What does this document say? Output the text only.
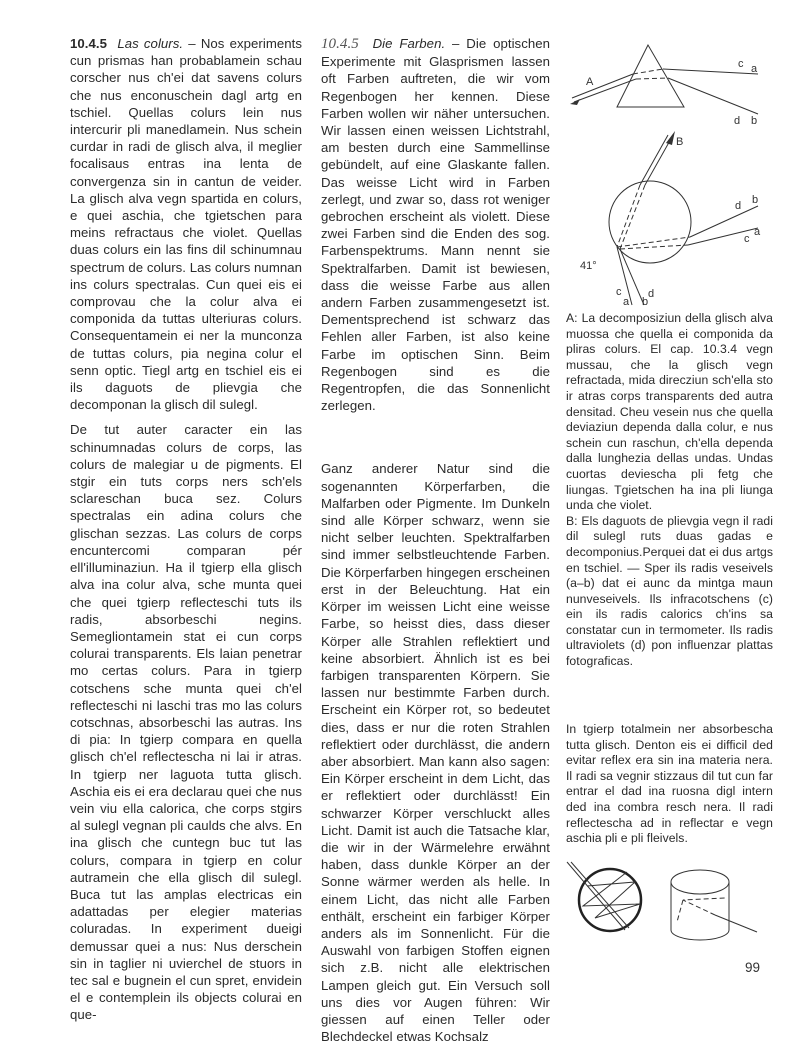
10.4.5 Las colurs. – Nos experiments cun prismas han probablamein schau corscher nus ch'ei dat savens colurs che nus enconuschein dagl artg en tschiel. Quellas colurs lein nus intercurir pli manedlamein. Nus schein curdar in radi de glisch alva, il meglier focalisaus entras ina lenta de convergenza sin in cantun de veider. La glisch alva vegn spartida en colurs, e quei aschia, che tgietschen para meins refractaus che violet. Quellas duas colurs ein las fins dil schinumnau spectrum de colurs. Las colurs numnan ins colurs spectralas. Cun quei eis ei comprovau che la colur alva ei componida da tuttas ulteriuras colurs. Consequentamein ei ner la munconza de tuttas colurs, pia negina colur el senn optic. Tiegl artg en tschiel eis ei ils daguots de plievgia che decomponan la glisch dil sulegl.

De tut auter caracter ein las schinumnadas colurs de corps, las colurs de malegiar u de pigments. El stgir ein tuts corps ners sch'els sclareschan buca sez. Colurs spectralas ein adina colurs che glischan sezzas. Las colurs de corps encuntercomi comparan pér ell'illuminaziun. Ha il tgierp ella glisch alva ina colur alva, sche munta quei che quei tgierp reflecteschi tuts ils radis, absorbeschi negins. Semegliontamein stat ei cun corps colurai transparents. Els laian penetrar mo certas colurs. Para in tgierp cotschens sche munta quei ch'el reflecteschi ni laschi tras mo las colurs cotschnas, absorbeschi las autras. Ins di pia: In tgierp compara en quella glisch ch'el reflectescha ni lai ir atras. In tgierp ner laguota tutta glisch. Aschia eis ei era declarau quei che nus vein viu ella calorica, che corps stgirs al sulegl vegnan pli caulds che alvs. En ina glisch che cuntegn buc tut las colurs, compara in tgierp en colur autramein che ella glisch dil sulegl. Buca tut las amplas electricas ein adattadas per elegier materias coluradas. In experiment dueigi demussar quei a nus: Nus derschein sin in taglier ni uvierchel de stuors in tec sal e bugnein el cun spret, envidein el e contemplein ils objects colurai en que-

10.4.5 Die Farben. – Die optischen Experimente mit Glasprismen lassen oft Farben auftreten, die wir vom Regenbogen her kennen. Diese Farben wollen wir näher untersuchen. Wir lassen einen weissen Lichtstrahl, am besten durch eine Sammellinse gebündelt, auf eine Glaskante fallen. Das weisse Licht wird in Farben zerlegt, und zwar so, dass rot weniger gebrochen erscheint als violett. Diese zwei Farben sind die Enden des sog. Farbenspektrums. Mann nennt sie Spektralfarben. Damit ist bewiesen, dass die weisse Farbe aus allen andern Farben zusammengesetzt ist. Dementsprechend ist schwarz das Fehlen aller Farben, ist also keine Farbe im optischen Sinn. Beim Regenbogen sind es die Regentropfen, die das Sonnenlicht zerlegen.

Ganz anderer Natur sind die sogenannten Körperfarben, die Malfarben oder Pigmente. Im Dunkeln sind alle Körper schwarz, wenn sie nicht selber leuchten. Spektralfarben sind immer selbstleuchtende Farben. Die Körperfarben hingegen erscheinen erst in der Beleuchtung. Hat ein Körper im weissen Licht eine weisse Farbe, so heisst dies, dass dieser Körper alle Strahlen reflektiert und keine absorbiert. Ähnlich ist es bei farbigen transparenten Körpern. Sie lassen nur bestimmte Farben durch. Erscheint ein Körper rot, so bedeutet dies, dass er nur die roten Strahlen reflektiert oder durchlässt, die andern aber absorbiert. Man kann also sagen: Ein Körper erscheint in dem Licht, das er reflektiert oder durchlässt! Ein schwarzer Körper verschluckt alles Licht. Damit ist auch die Tatsache klar, die wir in der Wärmelehre erwähnt haben, dass dunkle Körper an der Sonne wärmer werden als helle. In einem Licht, das nicht alle Farben enthält, erscheint ein farbiger Körper anders als im Sonnenlicht. Für die Auswahl von farbigen Stoffen eignen sich z.B. nicht alle elektrischen Lampen gleich gut. Ein Versuch soll uns dies vor Augen führen: Wir giessen auf einen Teller oder Blechdeckel etwas Kochsalz

A
c a
d b
B
41°
d b
c
a
c
a b
d

A: La decomposiziun della glisch alva muossa che quella ei componida da pliras colurs. El cap. 10.3.4 vegn mussau, che la glisch vegn refractada, mida direcziun sch'ella sto ir atras corps transparents ded autra densitad. Cheu vesein nus che quella deviaziun dependa dalla colur, e nus schein cun raschun, ch'ella dependa dalla lunghezia dellas undas. Undas cuortas deviescha pli fetg che liungas. Tgietschen ha ina pli liunga unda che violet.

B: Els daguots de plievgia vegn il radi dil sulegl ruts duas gadas e decomponius.Perquei dat ei dus artgs en tschiel. — Sper ils radis veseivels (a–b) dat ei aunc da mintga maun nunveseivels. Ils infracotschens (c) ein ils radis calorics ch'ins sa constatar cun in termometer. Ils radis ultraviolets (d) pon influenzar plattas fotograficas.

In tgierp totalmein ner absorbescha tutta glisch. Denton eis ei difficil ded evitar reflex era sin ina materia nera. Il radi sa vegnir stizzaus dil tut cun far entrar el dad ina ruosna digl intern ded ina combra resch nera. Il radi reflectescha ad in reflectar e vegn aschia pli e pli fleivels.

99
